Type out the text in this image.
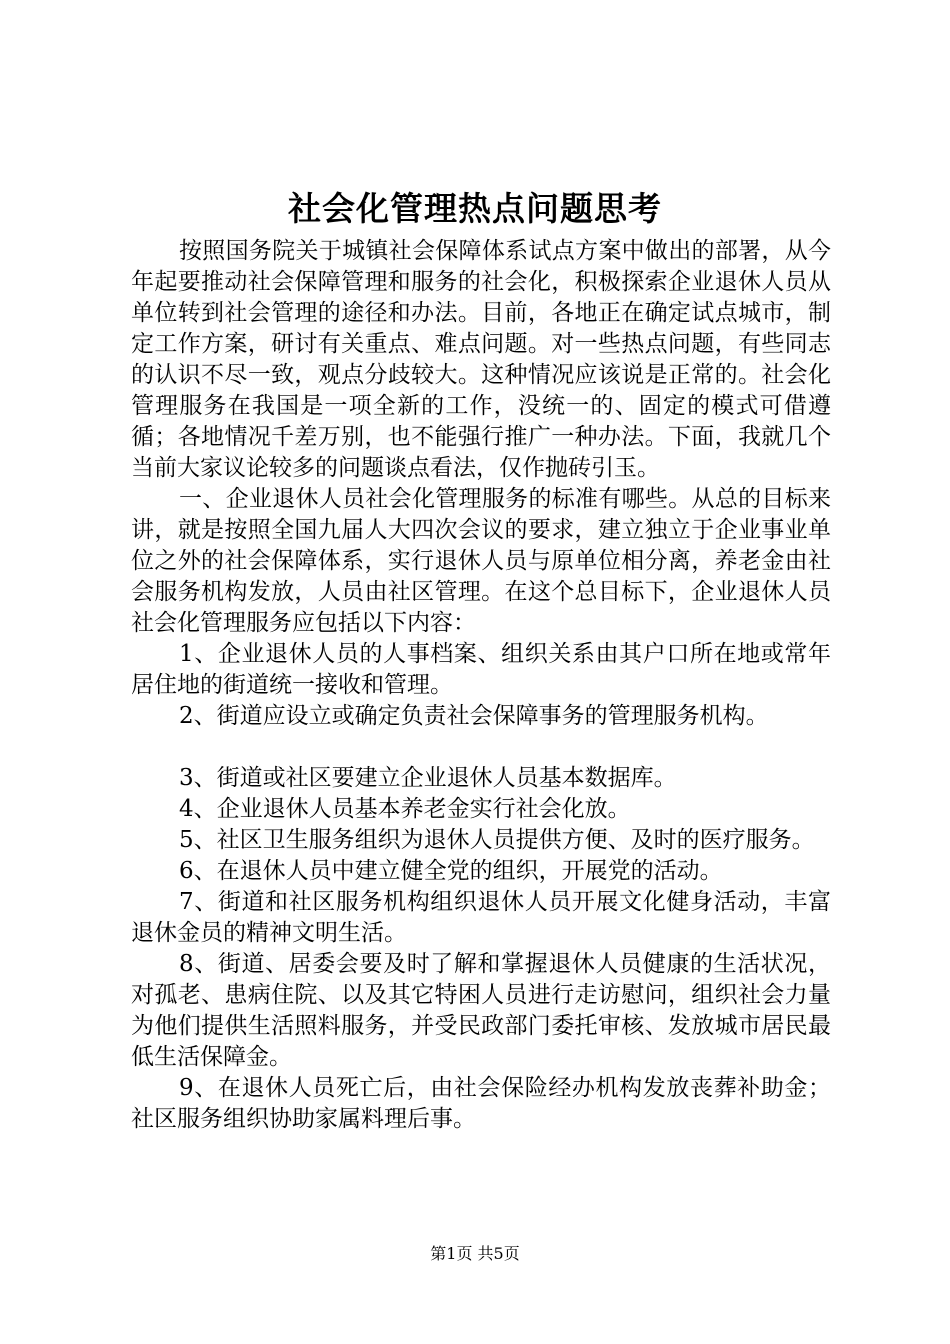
社会化管理热点问题思考

按照国务院关于城镇社会保障体系试点方案中做出的部署，从今年起要推动社会保障管理和服务的社会化，积极探索企业退休人员从单位转到社会管理的途径和办法。目前，各地正在确定试点城市，制定工作方案，研讨有关重点、难点问题。对一些热点问题，有些同志的认识不尽一致，观点分歧较大。这种情况应该说是正常的。社会化管理服务在我国是一项全新的工作，没统一的、固定的模式可借遵循；各地情况千差万别，也不能强行推广一种办法。下面，我就几个当前大家议论较多的问题谈点看法，仅作抛砖引玉。

一、企业退休人员社会化管理服务的标准有哪些。从总的目标来讲，就是按照全国九届人大四次会议的要求，建立独立于企业事业单位之外的社会保障体系，实行退休人员与原单位相分离，养老金由社会服务机构发放，人员由社区管理。在这个总目标下，企业退休人员社会化管理服务应包括以下内容：

1、企业退休人员的人事档案、组织关系由其户口所在地或常年居住地的街道统一接收和管理。

2、街道应设立或确定负责社会保障事务的管理服务机构。

3、街道或社区要建立企业退休人员基本数据库。

4、企业退休人员基本养老金实行社会化放。

5、社区卫生服务组织为退休人员提供方便、及时的医疗服务。

6、在退休人员中建立健全党的组织，开展党的活动。

7、街道和社区服务机构组织退休人员开展文化健身活动，丰富退休金员的精神文明生活。

8、街道、居委会要及时了解和掌握退休人员健康的生活状况，对孤老、患病住院、以及其它特困人员进行走访慰问，组织社会力量为他们提供生活照料服务，并受民政部门委托审核、发放城市居民最低生活保障金。

9、在退休人员死亡后，由社会保险经办机构发放丧葬补助金；社区服务组织协助家属料理后事。

第1页 共5页
